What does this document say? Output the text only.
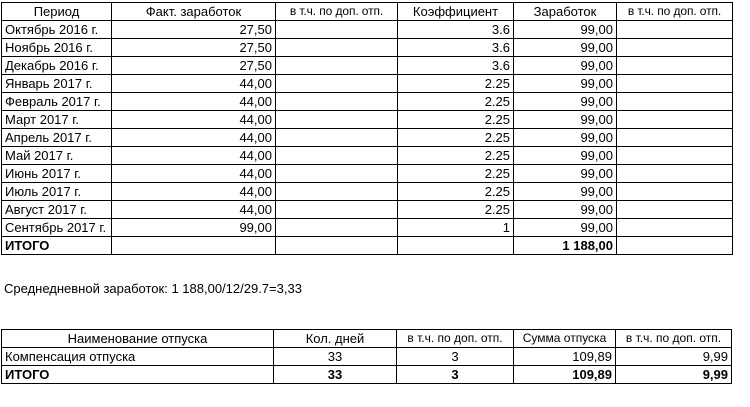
Период	Факт. заработок	в т.ч. по доп. отп.	Коэффициент	Заработок	в т.ч. по доп. отп.
Октябрь 2016 г.	27,50		3.6	99,00	
Ноябрь 2016 г.	27,50		3.6	99,00	
Декабрь 2016 г.	27,50		3.6	99,00	
Январь 2017 г.	44,00		2.25	99,00	
Февраль 2017 г.	44,00		2.25	99,00	
Март 2017 г.	44,00		2.25	99,00	
Апрель 2017 г.	44,00		2.25	99,00	
Май 2017 г.	44,00		2.25	99,00	
Июнь 2017 г.	44,00		2.25	99,00	
Июль 2017 г.	44,00		2.25	99,00	
Август 2017 г.	44,00		2.25	99,00	
Сентябрь 2017 г.	99,00		1	99,00	
ИТОГО				1 188,00	
Среднедневной заработок: 1 188,00/12/29.7=3,33
Наименование отпуска	Кол. дней	в т.ч. по доп. отп.	Сумма отпуска	в т.ч. по доп. отп.
Компенсация отпуска	33	3	109,89	9,99
ИТОГО	33	3	109,89	9,99
